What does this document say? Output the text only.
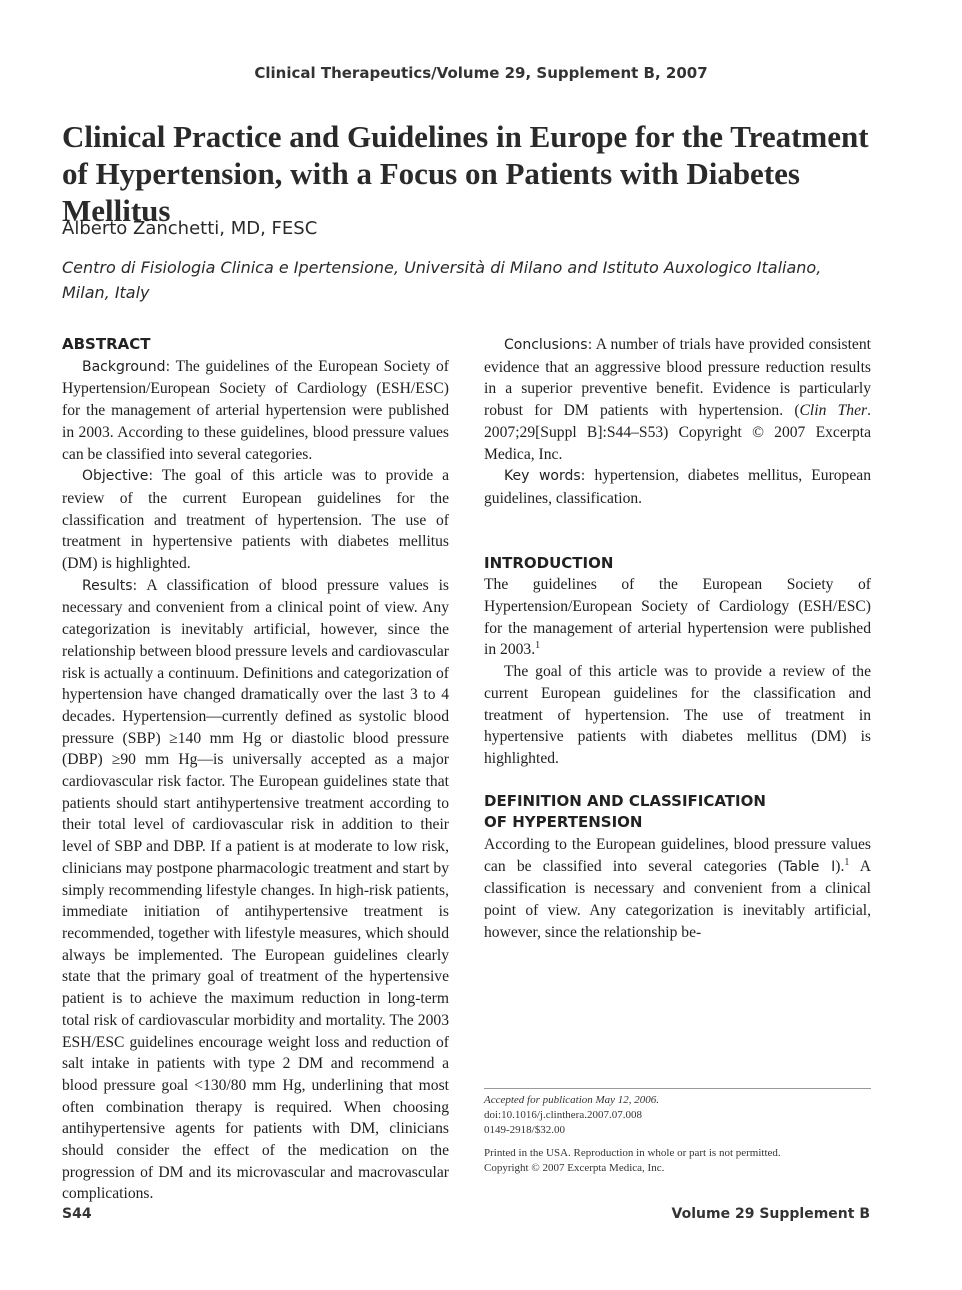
Clinical Therapeutics/Volume 29, Supplement B, 2007
Clinical Practice and Guidelines in Europe for the Treatment of Hypertension, with a Focus on Patients with Diabetes Mellitus
Alberto Zanchetti, MD, FESC
Centro di Fisiologia Clinica e Ipertensione, Università di Milano and Istituto Auxologico Italiano, Milan, Italy

ABSTRACT

Background: The guidelines of the European Society of Hypertension/European Society of Cardiology (ESH/ESC) for the management of arterial hypertension were published in 2003. According to these guidelines, blood pressure values can be classified into several categories.

Objective: The goal of this article was to provide a review of the current European guidelines for the classification and treatment of hypertension. The use of treatment in hypertensive patients with diabetes mellitus (DM) is highlighted.

Results: A classification of blood pressure values is necessary and convenient from a clinical point of view. Any categorization is inevitably artificial, however, since the relationship between blood pressure levels and cardiovascular risk is actually a continuum. Definitions and categorization of hypertension have changed dramatically over the last 3 to 4 decades. Hypertension—currently defined as systolic blood pressure (SBP) ≥140 mm Hg or diastolic blood pressure (DBP) ≥90 mm Hg—is universally accepted as a major cardiovascular risk factor. The European guidelines state that patients should start antihypertensive treatment according to their total level of cardiovascular risk in addition to their level of SBP and DBP. If a patient is at moderate to low risk, clinicians may postpone pharmacologic treatment and start by simply recommending lifestyle changes. In high-risk patients, immediate initiation of antihypertensive treatment is recommended, together with lifestyle measures, which should always be implemented. The European guidelines clearly state that the primary goal of treatment of the hypertensive patient is to achieve the maximum reduction in long-term total risk of cardiovascular morbidity and mortality. The 2003 ESH/ESC guidelines encourage weight loss and reduction of salt intake in patients with type 2 DM and recommend a blood pressure goal <130/80 mm Hg, underlining that most often combination therapy is required. When choosing antihypertensive agents for patients with DM, clinicians should consider the effect of the medication on the progression of DM and its microvascular and macrovascular complications.

Conclusions: A number of trials have provided consistent evidence that an aggressive blood pressure reduction results in a superior preventive benefit. Evidence is particularly robust for DM patients with hypertension. (Clin Ther. 2007;29[Suppl B]:S44–S53) Copyright © 2007 Excerpta Medica, Inc.

Key words: hypertension, diabetes mellitus, European guidelines, classification.

INTRODUCTION

The guidelines of the European Society of Hypertension/European Society of Cardiology (ESH/ESC) for the management of arterial hypertension were published in 2003.$^1$

The goal of this article was to provide a review of the current European guidelines for the classification and treatment of hypertension. The use of treatment in hypertensive patients with diabetes mellitus (DM) is highlighted.

DEFINITION AND CLASSIFICATION

OF HYPERTENSION

According to the European guidelines, blood pressure values can be classified into several categories (Table I).$^1$ A classification is necessary and convenient from a clinical point of view. Any categorization is inevitably artificial, however, since the relationship be-

Accepted for publication May 12, 2006.
doi:10.1016/j.clinthera.2007.07.008
0149-2918/$32.00
Printed in the USA. Reproduction in whole or part is not permitted.
Copyright © 2007 Excerpta Medica, Inc.
S44	Volume 29 Supplement B
